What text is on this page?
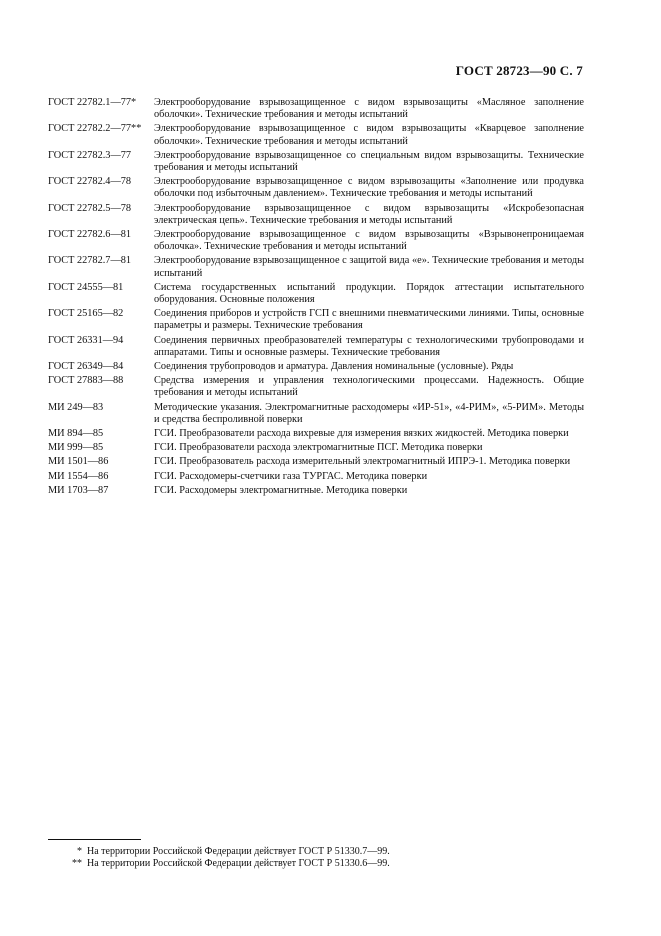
ГОСТ 28723—90 С. 7
ГОСТ 22782.1—77*	Электрооборудование взрывозащищенное с видом взрывозащиты «Масляное заполнение оболочки». Технические требования и методы испытаний
ГОСТ 22782.2—77**	Электрооборудование взрывозащищенное с видом взрывозащиты «Кварцевое заполнение оболочки». Технические требования и методы испытаний
ГОСТ 22782.3—77	Электрооборудование взрывозащищенное со специальным видом взрывозащиты. Технические требования и методы испытаний
ГОСТ 22782.4—78	Электрооборудование взрывозащищенное с видом взрывозащиты «Заполнение или продувка оболочки под избыточным давлением». Технические требования и методы испытаний
ГОСТ 22782.5—78	Электрооборудование взрывозащищенное с видом взрывозащиты «Искробезопасная электрическая цепь». Технические требования и методы испытаний
ГОСТ 22782.6—81	Электрооборудование взрывозащищенное с видом взрывозащиты «Взрывонепроницаемая оболочка». Технические требования и методы испытаний
ГОСТ 22782.7—81	Электрооборудование взрывозащищенное с защитой вида «е». Технические требования и методы испытаний
ГОСТ 24555—81	Система государственных испытаний продукции. Порядок аттестации испытательного оборудования. Основные положения
ГОСТ 25165—82	Соединения приборов и устройств ГСП с внешними пневматическими линиями. Типы, основные параметры и размеры. Технические требования
ГОСТ 26331—94	Соединения первичных преобразователей температуры с технологическими трубопроводами и аппаратами. Типы и основные размеры. Технические требования
ГОСТ 26349—84	Соединения трубопроводов и арматура. Давления номинальные (условные). Ряды
ГОСТ 27883—88	Средства измерения и управления технологическими процессами. Надежность. Общие требования и методы испытаний
МИ 249—83	Методические указания. Электромагнитные расходомеры «ИР-51», «4-РИМ», «5-РИМ». Методы и средства беспроливной поверки
МИ 894—85	ГСИ. Преобразователи расхода вихревые для измерения вязких жидкостей. Методика поверки
МИ 999—85	ГСИ. Преобразователи расхода электромагнитные ПСГ. Методика поверки
МИ 1501—86	ГСИ. Преобразователь расхода измерительный электромагнитный ИПРЭ-1. Методика поверки
МИ 1554—86	ГСИ. Расходомеры-счетчики газа ТУРГАС. Методика поверки
МИ 1703—87	ГСИ. Расходомеры электромагнитные. Методика поверки
* На территории Российской Федерации действует ГОСТ Р 51330.7—99.
** На территории Российской Федерации действует ГОСТ Р 51330.6—99.
